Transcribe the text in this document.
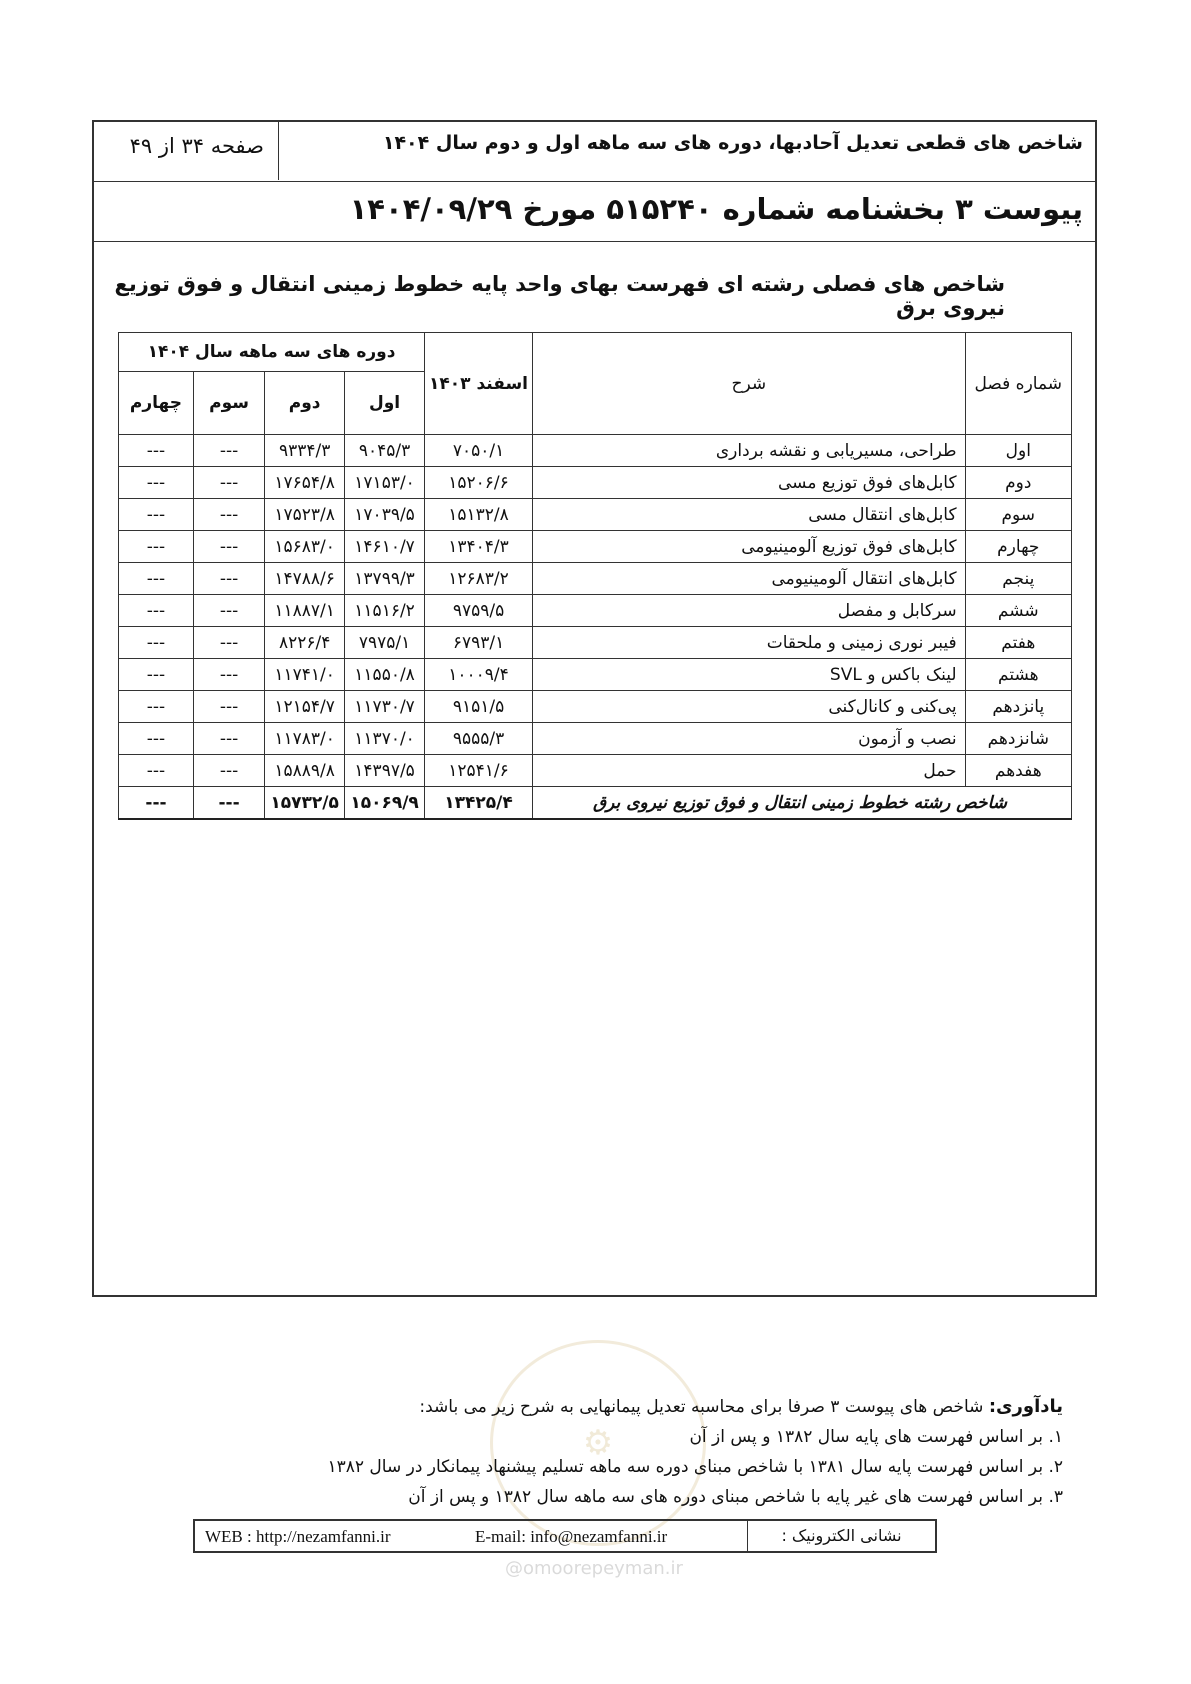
شاخص های قطعی تعدیل آحادبها، دوره های سه ماهه اول و دوم سال ۱۴۰۴
صفحه ۳۴ از ۴۹
پیوست ۳ بخشنامه شماره ۵۱۵۲۴۰ مورخ ۱۴۰۴/۰۹/۲۹
شاخص های فصلی رشته ای فهرست بهای واحد پایه خطوط زمینی انتقال و فوق توزیع نیروی برق
شماره فصل	شرح	اسفند ۱۴۰۳	دوره های سه ماهه سال ۱۴۰۴			
			اول	دوم	سوم	چهارم
اول	طراحی، مسیریابی و نقشه برداری	۷۰۵۰/۱	۹۰۴۵/۳	۹۳۳۴/۳	---	---
دوم	کابل‌های فوق توزیع مسی	۱۵۲۰۶/۶	۱۷۱۵۳/۰	۱۷۶۵۴/۸	---	---
سوم	کابل‌های انتقال مسی	۱۵۱۳۲/۸	۱۷۰۳۹/۵	۱۷۵۲۳/۸	---	---
چهارم	کابل‌های فوق توزیع آلومینیومی	۱۳۴۰۴/۳	۱۴۶۱۰/۷	۱۵۶۸۳/۰	---	---
پنجم	کابل‌های انتقال آلومینیومی	۱۲۶۸۳/۲	۱۳۷۹۹/۳	۱۴۷۸۸/۶	---	---
ششم	سرکابل و مفصل	۹۷۵۹/۵	۱۱۵۱۶/۲	۱۱۸۸۷/۱	---	---
هفتم	فیبر نوری زمینی و ملحقات	۶۷۹۳/۱	۷۹۷۵/۱	۸۲۲۶/۴	---	---
هشتم	لینک باکس و SVL	۱۰۰۰۹/۴	۱۱۵۵۰/۸	۱۱۷۴۱/۰	---	---
پانزدهم	پی‌کنی و کانال‌کنی	۹۱۵۱/۵	۱۱۷۳۰/۷	۱۲۱۵۴/۷	---	---
شانزدهم	نصب و آزمون	۹۵۵۵/۳	۱۱۳۷۰/۰	۱۱۷۸۳/۰	---	---
هفدهم	حمل	۱۲۵۴۱/۶	۱۴۳۹۷/۵	۱۵۸۸۹/۸	---	---
شاخص رشته خطوط زمینی انتقال و فوق توزیع نیروی برق		۱۳۴۲۵/۴	۱۵۰۶۹/۹	۱۵۷۳۲/۵	---	---
⚙
@omoorepeyman.ir

یادآوری: شاخص های پیوست ۳ صرفا برای محاسبه تعدیل پیمانهایی به شرح زیر می باشد:

۱. بر اساس فهرست های پایه سال ۱۳۸۲ و پس از آن

۲. بر اساس فهرست پایه سال ۱۳۸۱ با شاخص مبنای دوره سه ماهه تسلیم پیشنهاد پیمانکار در سال ۱۳۸۲

۳. بر اساس فهرست های غیر پایه با شاخص مبنای دوره های سه ماهه سال ۱۳۸۲ و پس از آن

نشانی الکترونیک :
WEB : http://nezamfanni.ir	E-mail: info@nezamfanni.ir
